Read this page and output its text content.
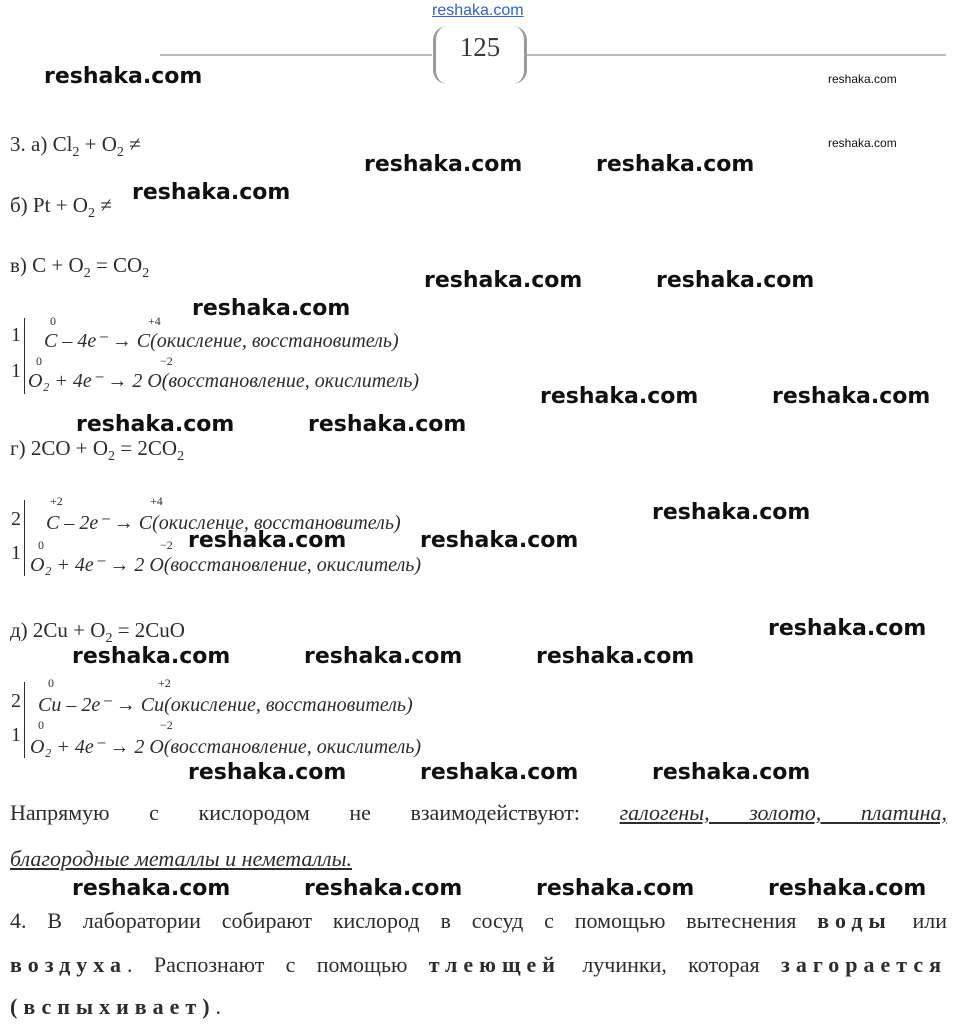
reshaka.com
125
reshaka.com	reshaka.com
reshaka.com
reshaka.com	reshaka.com
reshaka.com
reshaka.com	reshaka.com
reshaka.com
reshaka.com	reshaka.com
reshaka.com	reshaka.com
reshaka.com
reshaka.com	reshaka.com
reshaka.com
reshaka.com	reshaka.com	reshaka.com
reshaka.com	reshaka.com	reshaka.com
reshaka.com	reshaka.com	reshaka.com	reshaka.com
3. а) $Cl_2 + O_2$ ≠
б) $Pt + O_2$ ≠
в) $C + O_2 = CO_2$
1
1
0	+4
C – 4e⁻ → C(окисление, восстановитель)
0	−2
O₂ + 4e⁻ → 2 O(восстановление, окислитель)
г) $2CO + O_2 = 2CO_2$
2
1
+2	+4
C – 2e⁻ → C(окисление, восстановитель)
0	−2
O₂ + 4e⁻ → 2 O(восстановление, окислитель)
д) $2Cu + O_2 = 2CuO$
2
1
0	+2
Cu – 2e⁻ → Cu(окисление, восстановитель)
0	−2
O₂ + 4e⁻ → 2 O(восстановление, окислитель)
Напрямую с кислородом не взаимодействуют: галогены, золото, платина,
благородные металлы и неметаллы.
4. В лаборатории собирают кислород в сосуд с помощью вытеснения воды или
воздуха. Распознают с помощью тлеющей лучинки, которая загорается
(вспыхивает).
